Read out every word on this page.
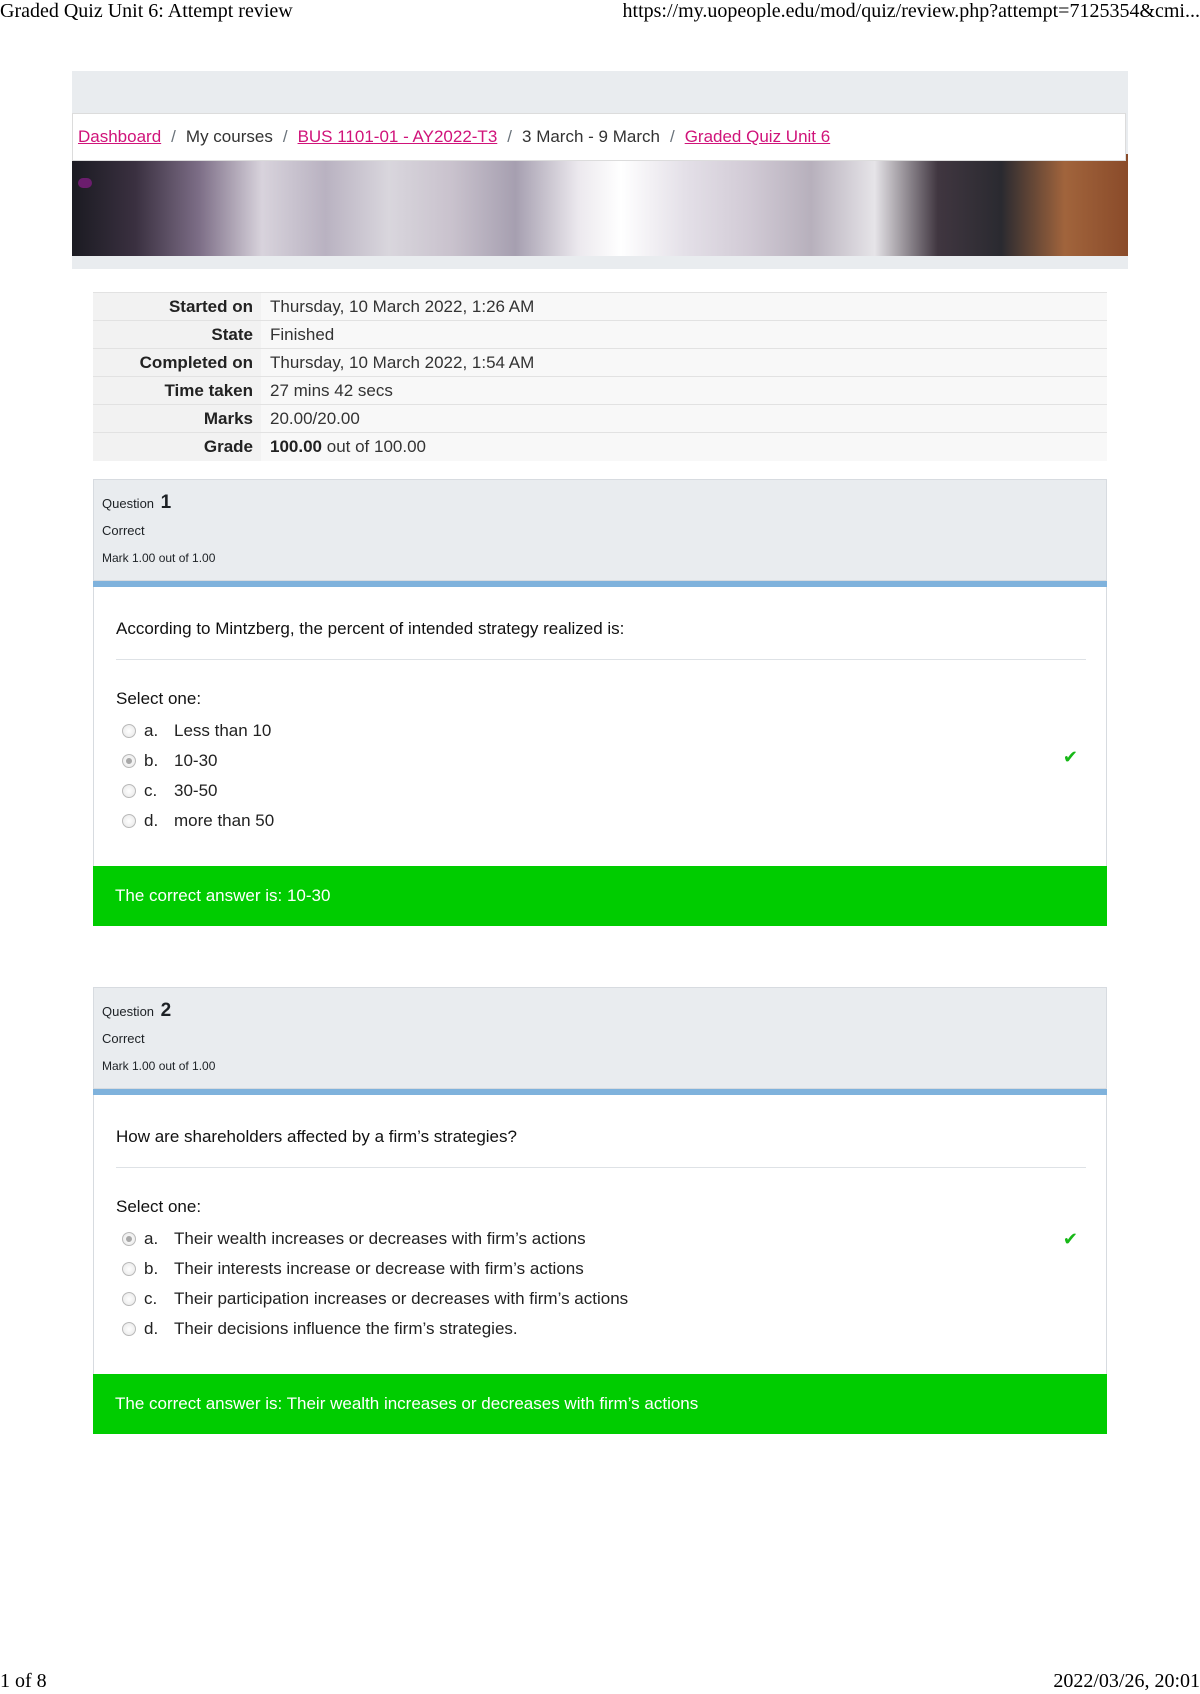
Graded Quiz Unit 6: Attempt review	https://my.uopeople.edu/mod/quiz/review.php?attempt=7125354&cmi...
Dashboard / My courses / BUS 1101-01 - AY2022-T3 / 3 March - 9 March / Graded Quiz Unit 6
Started on	Thursday, 10 March 2022, 1:26 AM
State	Finished
Completed on	Thursday, 10 March 2022, 1:54 AM
Time taken	27 mins 42 secs
Marks	20.00/20.00
Grade	100.00 out of 100.00
Question 1
Correct
Mark 1.00 out of 1.00
According to Mintzberg, the percent of intended strategy realized is:
Select one:
a. Less than 10
b. 10-30
c. 30-50
d. more than 50
✔
The correct answer is: 10-30
Question 2
Correct
Mark 1.00 out of 1.00
How are shareholders affected by a firm’s strategies?
Select one:
a. Their wealth increases or decreases with firm’s actions
b. Their interests increase or decrease with firm’s actions
c. Their participation increases or decreases with firm’s actions
d. Their decisions influence the firm’s strategies.
✔
The correct answer is: Their wealth increases or decreases with firm’s actions
1 of 8	2022/03/26, 20:01
